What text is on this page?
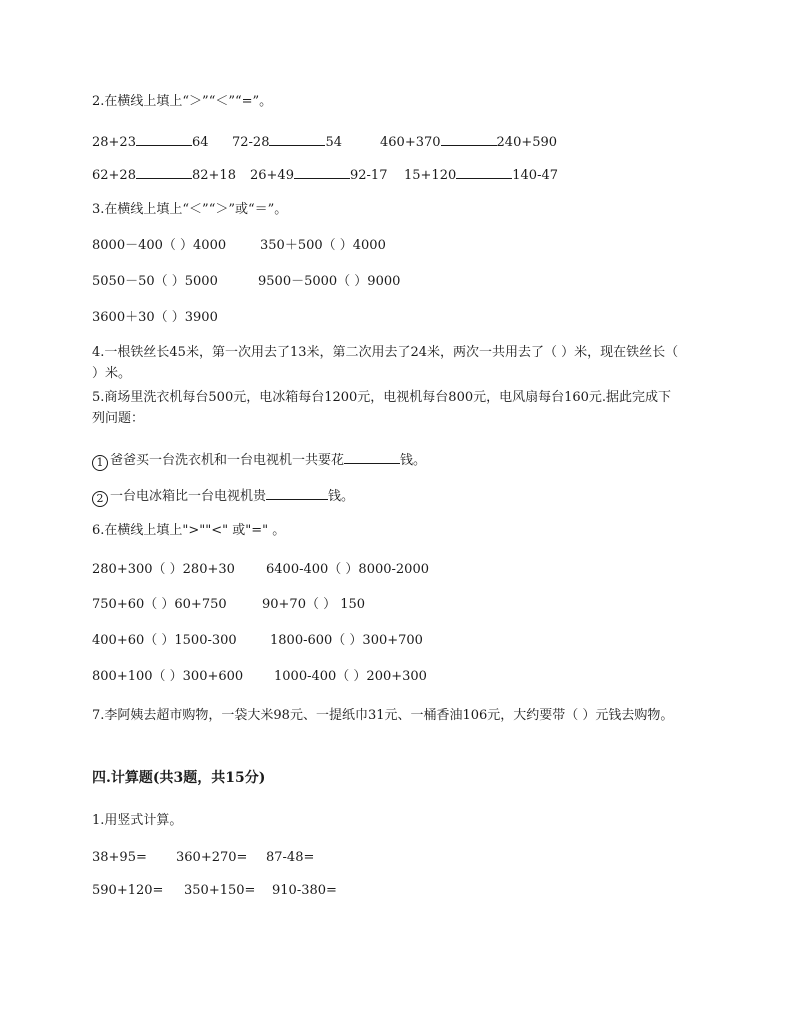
2.在横线上填上“＞”“＜”“=”。
28+23	64 72-28	54	460+370	240+590
62+28	82+18 26+49	92-17 15+120	140-47
3.在横线上填上“＜”“＞”或“＝”。
8000－400（ ）4000	350＋500（ ）4000
5050－50（ ）5000	9500－5000（ ）9000
3600＋30（ ）3900
4.一根铁丝长45米，第一次用去了13米，第二次用去了24米，两次一共用去了（ ）米，现在铁丝长（ ）米。
5.商场里洗衣机每台500元，电冰箱每台1200元，电视机每台800元，电风扇每台160元.据此完成下列问题：
1 爸爸买一台洗衣机和一台电视机一共要花	钱。
2 一台电冰箱比一台电视机贵	钱。
6.在横线上填上">""<" 或"=" 。
280+300（ ）280+30 6400-400（ ）8000-2000
750+60（ ）60+750	90+70（ ） 150
400+60（ ）1500-300	1800-600（ ）300+700
800+100（ ）300+600 1000-400（ ）200+300
7.李阿姨去超市购物，一袋大米98元、一提纸巾31元、一桶香油106元，大约要带（ ）元钱去购物。
四.计算题(共3题，共15分)
1.用竖式计算。
38+95= 360+270= 87-48=
590+120= 350+150= 910-380=
